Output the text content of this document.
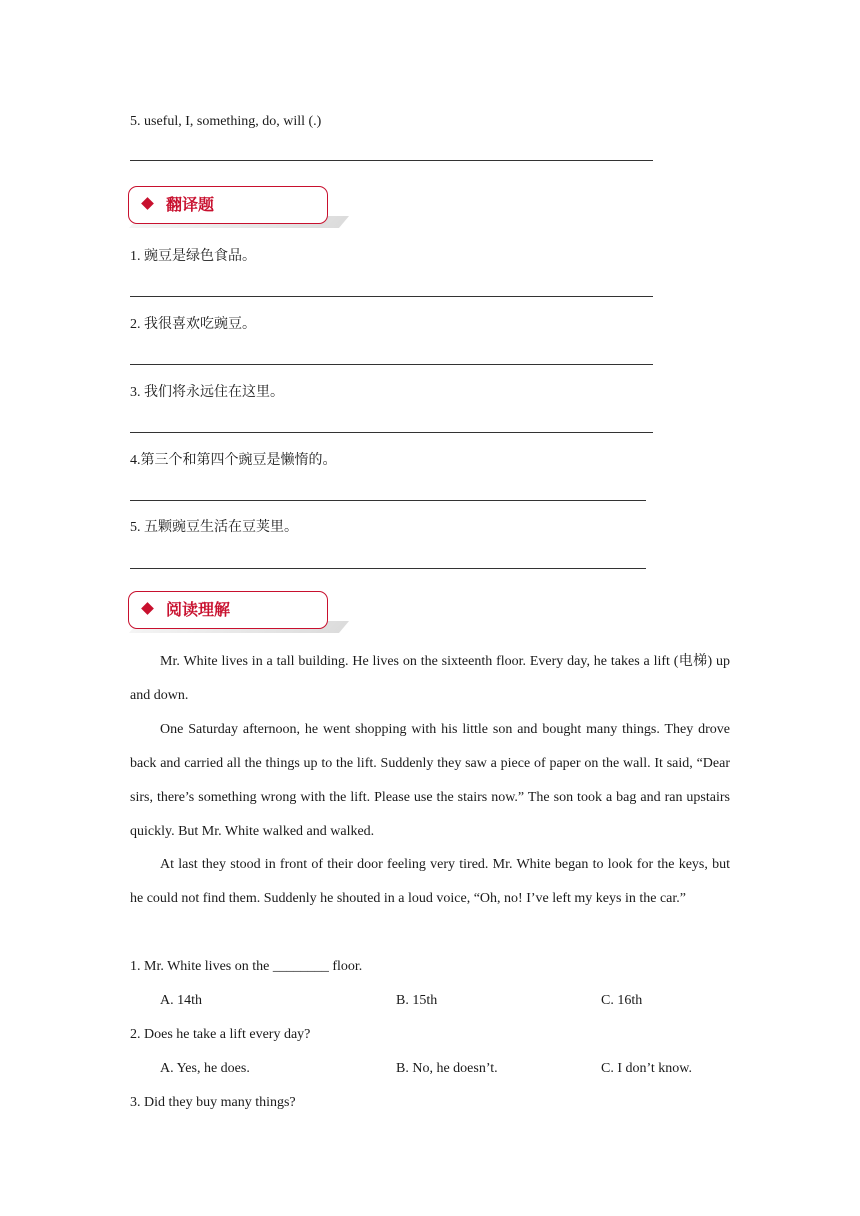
5. useful, I, something, do, will (.)
翻译题
1. 豌豆是绿色食品。
2. 我很喜欢吃豌豆。
3. 我们将永远住在这里。
4.第三个和第四个豌豆是懒惰的。
5. 五颗豌豆生活在豆荚里。
阅读理解
Mr. White lives in a tall building. He lives on the sixteenth floor. Every day, he takes a lift (电梯) up and down.
One Saturday afternoon, he went shopping with his little son and bought many things. They drove back and carried all the things up to the lift. Suddenly they saw a piece of paper on the wall. It said, “Dear sirs, there’s something wrong with the lift. Please use the stairs now.” The son took a bag and ran upstairs quickly. But Mr. White walked and walked.
At last they stood in front of their door feeling very tired. Mr. White began to look for the keys, but he could not find them. Suddenly he shouted in a loud voice, “Oh, no! I’ve left my keys in the car.”
1. Mr. White lives on the ________ floor.
A. 14th	B. 15th	C. 16th
2. Does he take a lift every day?
A. Yes, he does.	B. No, he doesn’t.	C. I don’t know.
3. Did they buy many things?
